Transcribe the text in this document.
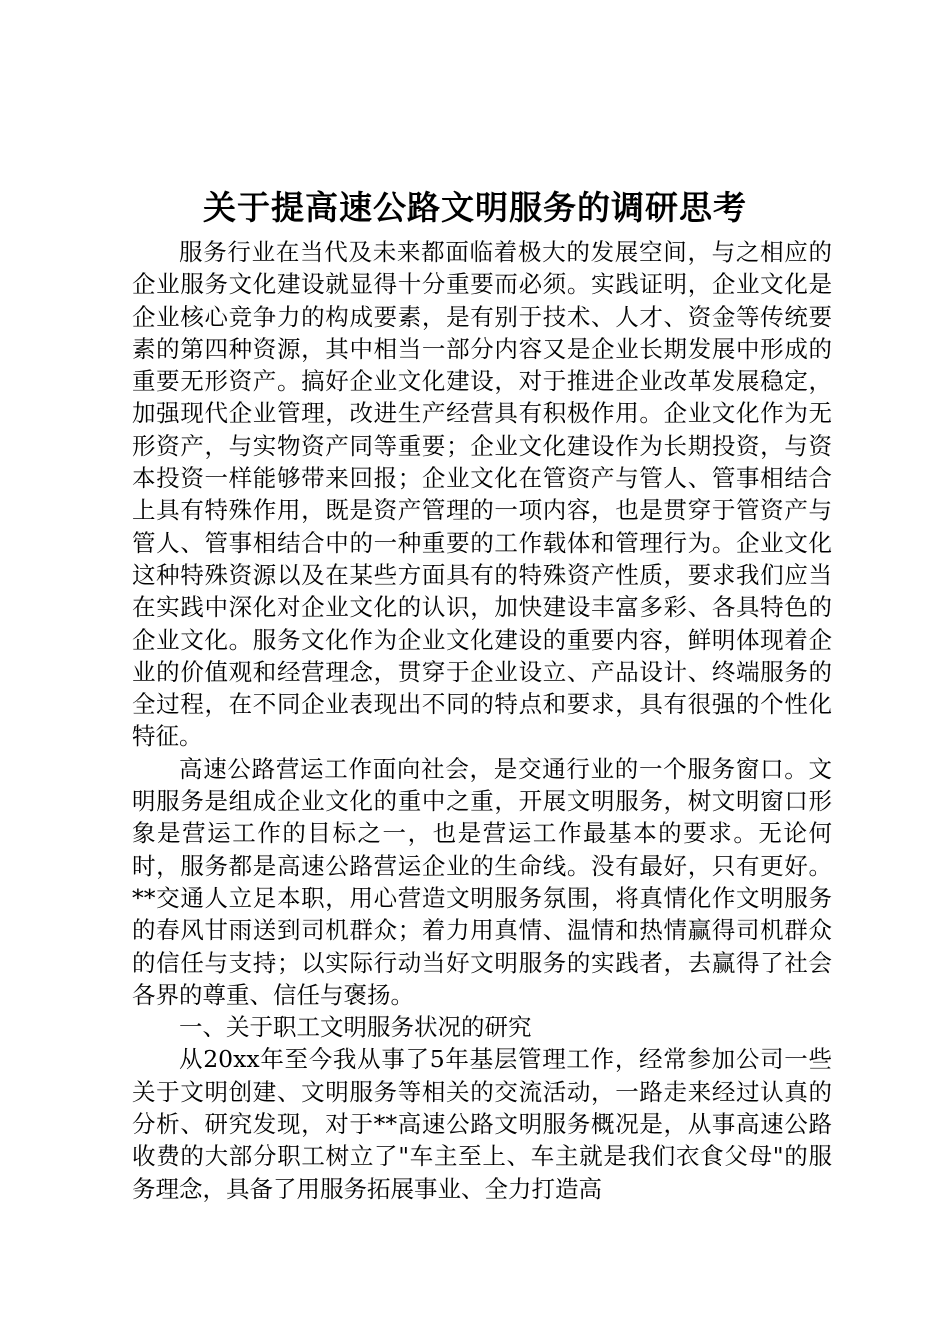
关于提高速公路文明服务的调研思考

服务行业在当代及未来都面临着极大的发展空间，与之相应的企业服务文化建设就显得十分重要而必须。实践证明，企业文化是企业核心竞争力的构成要素，是有别于技术、人才、资金等传统要素的第四种资源，其中相当一部分内容又是企业长期发展中形成的重要无形资产。搞好企业文化建设，对于推进企业改革发展稳定，加强现代企业管理，改进生产经营具有积极作用。企业文化作为无形资产，与实物资产同等重要；企业文化建设作为长期投资，与资本投资一样能够带来回报；企业文化在管资产与管人、管事相结合上具有特殊作用，既是资产管理的一项内容，也是贯穿于管资产与管人、管事相结合中的一种重要的工作载体和管理行为。企业文化这种特殊资源以及在某些方面具有的特殊资产性质，要求我们应当在实践中深化对企业文化的认识，加快建设丰富多彩、各具特色的企业文化。服务文化作为企业文化建设的重要内容，鲜明体现着企业的价值观和经营理念，贯穿于企业设立、产品设计、终端服务的全过程，在不同企业表现出不同的特点和要求，具有很强的个性化特征。

高速公路营运工作面向社会，是交通行业的一个服务窗口。文明服务是组成企业文化的重中之重，开展文明服务，树文明窗口形象是营运工作的目标之一，也是营运工作最基本的要求。无论何时，服务都是高速公路营运企业的生命线。没有最好，只有更好。**交通人立足本职，用心营造文明服务氛围，将真情化作文明服务的春风甘雨送到司机群众；着力用真情、温情和热情赢得司机群众的信任与支持；以实际行动当好文明服务的实践者，去赢得了社会各界的尊重、信任与褒扬。

一、关于职工文明服务状况的研究

从20xx年至今我从事了5年基层管理工作，经常参加公司一些关于文明创建、文明服务等相关的交流活动，一路走来经过认真的分析、研究发现，对于**高速公路文明服务概况是，从事高速公路收费的大部分职工树立了"车主至上、车主就是我们衣食父母"的服务理念，具备了用服务拓展事业、全力打造高
